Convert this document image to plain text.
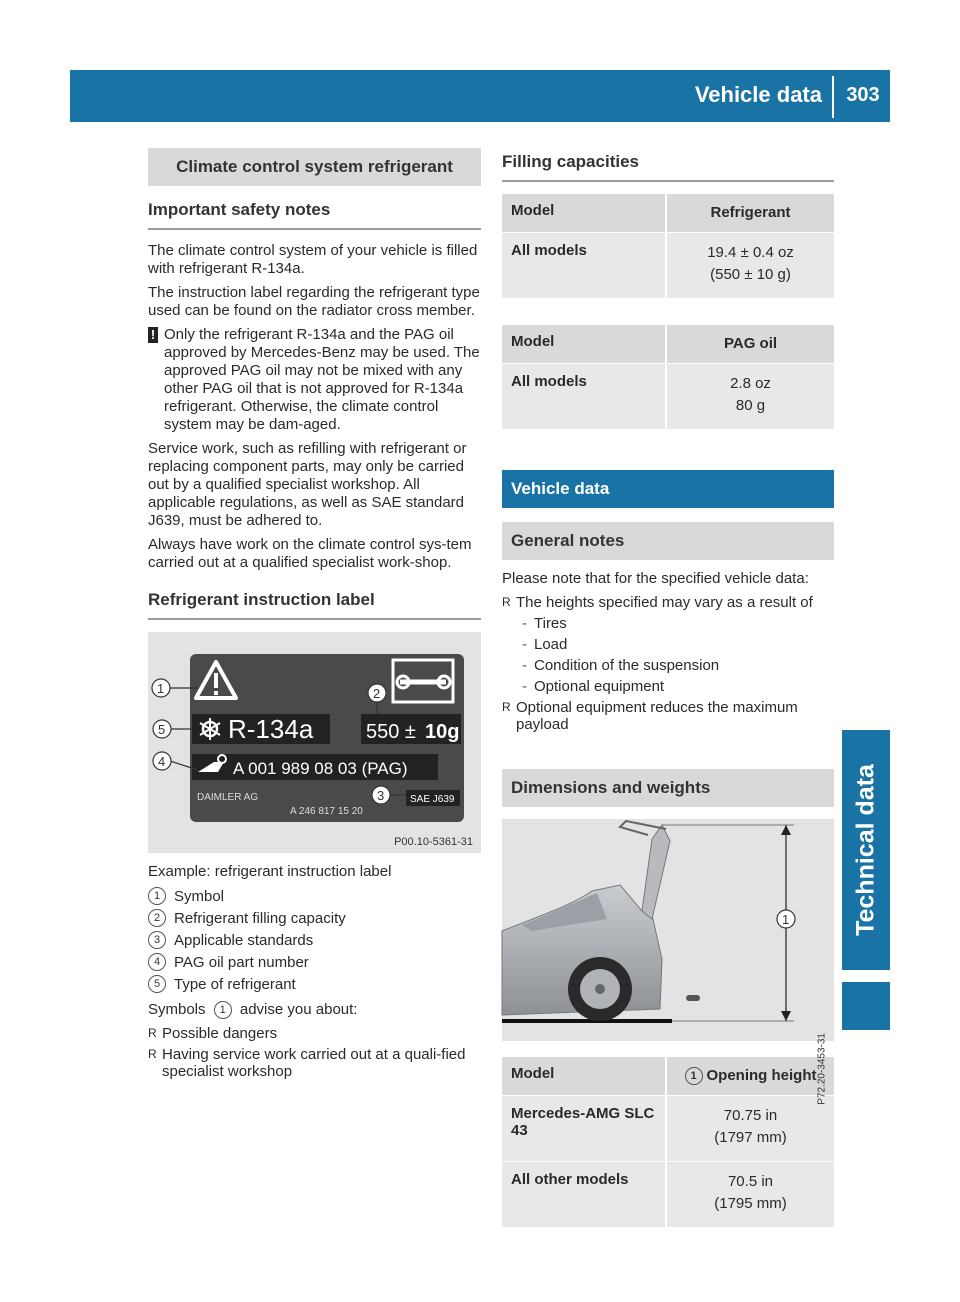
Vehicle data	303
Technical data
Climate control system refrigerant
Important safety notes

The climate control system of your vehicle is filled with refrigerant R-134a.

The instruction label regarding the refrigerant type used can be found on the radiator cross member.

! Only the refrigerant R-134a and the PAG oil approved by Mercedes-Benz may be used. The approved PAG oil may not be mixed with any other PAG oil that is not approved for R-134a refrigerant. Otherwise, the climate control system may be dam-aged.

Service work, such as refilling with refrigerant or replacing component parts, may only be carried out by a qualified specialist workshop. All applicable regulations, as well as SAE standard J639, must be adhered to.

Always have work on the climate control sys-tem carried out at a qualified specialist work-shop.

Refrigerant instruction label
R-134a	550 ± 10g
A 001 989 08 03 (PAG)
DAIMLER AG
A 246 817 15 20
SAE J639
1	2
3
4
5
P00.10-5361-31

Example: refrigerant instruction label

1 Symbol
2 Refrigerant filling capacity
3 Applicable standards
4 PAG oil part number
5 Type of refrigerant

Symbols 1 advise you about:

R Possible dangers
R Having service work carried out at a quali-fied specialist workshop
Filling capacities
Model	Refrigerant
All models	19.4 ± 0.4 oz
(550 ± 10 g)
Model	PAG oil
All models	2.8 oz
80 g
Vehicle data
General notes

Please note that for the specified vehicle data:

R The heights specified may vary as a result of
- Tires
- Load
- Condition of the suspension
- Optional equipment
R Optional equipment reduces the maximum payload
Dimensions and weights
1
P72.20-3453-31
Model	1 Opening height
Mercedes-AMG SLC 43	70.75 in
(1797 mm)

All other models	70.5 in
(1795 mm)
